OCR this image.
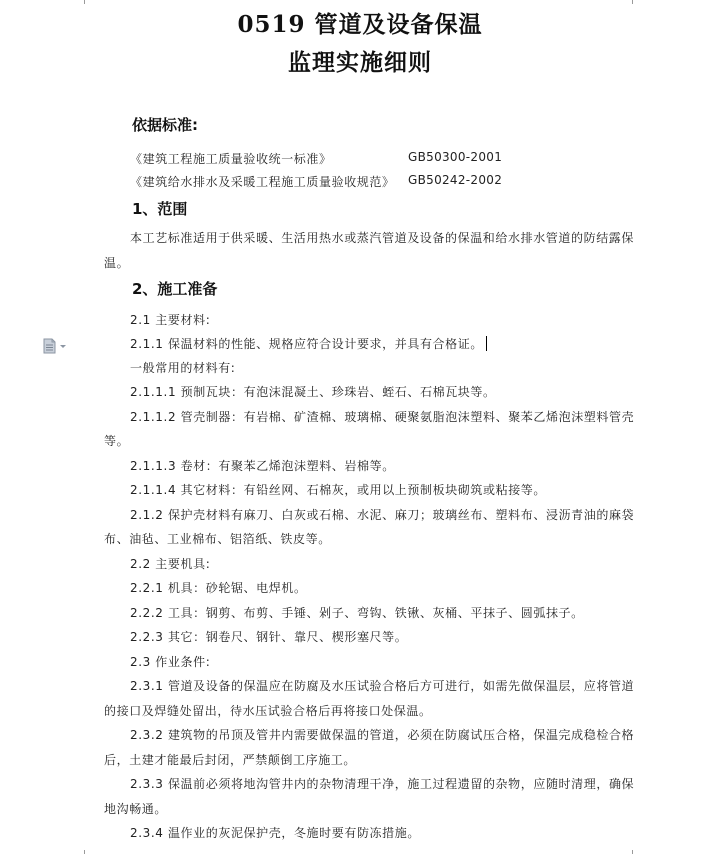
0519 管道及设备保温
监理实施细则
依据标准:
《建筑工程施工质量验收统一标准》	GB50300-2001
《建筑给水排水及采暖工程施工质量验收规范》 GB50242-2002
1、范围
本工艺标准适用于供采暖、生活用热水或蒸汽管道及设备的保温和给水排水管道的防结露保
温。
2、施工准备
2.1 主要材料:
2.1.1 保温材料的性能、规格应符合设计要求，并具有合格证。
一般常用的材料有:
2.1.1.1 预制瓦块：有泡沫混凝土、珍珠岩、蛭石、石棉瓦块等。
2.1.1.2 管壳制器：有岩棉、矿渣棉、玻璃棉、硬聚氨脂泡沫塑料、聚苯乙烯泡沫塑料管壳
等。
2.1.1.3 卷材：有聚苯乙烯泡沫塑料、岩棉等。
2.1.1.4 其它材料：有铅丝网、石棉灰，或用以上预制板块砌筑或粘接等。
2.1.2 保护壳材料有麻刀、白灰或石棉、水泥、麻刀；玻璃丝布、塑料布、浸沥青油的麻袋
布、油毡、工业棉布、铝箔纸、铁皮等。
2.2 主要机具:
2.2.1 机具：砂轮锯、电焊机。
2.2.2 工具：钢剪、布剪、手锤、剁子、弯钩、铁锹、灰桶、平抹子、圆弧抹子。
2.2.3 其它：钢卷尺、钢针、靠尺、楔形塞尺等。
2.3 作业条件:
2.3.1 管道及设备的保温应在防腐及水压试验合格后方可进行，如需先做保温层，应将管道
的接口及焊缝处留出，待水压试验合格后再将接口处保温。
2.3.2 建筑物的吊顶及管井内需要做保温的管道，必须在防腐试压合格，保温完成稳检合格
后，土建才能最后封闭，严禁颠倒工序施工。
2.3.3 保温前必须将地沟管井内的杂物清理干净，施工过程遗留的杂物，应随时清理，确保
地沟畅通。
2.3.4 温作业的灰泥保护壳，冬施时要有防冻措施。
